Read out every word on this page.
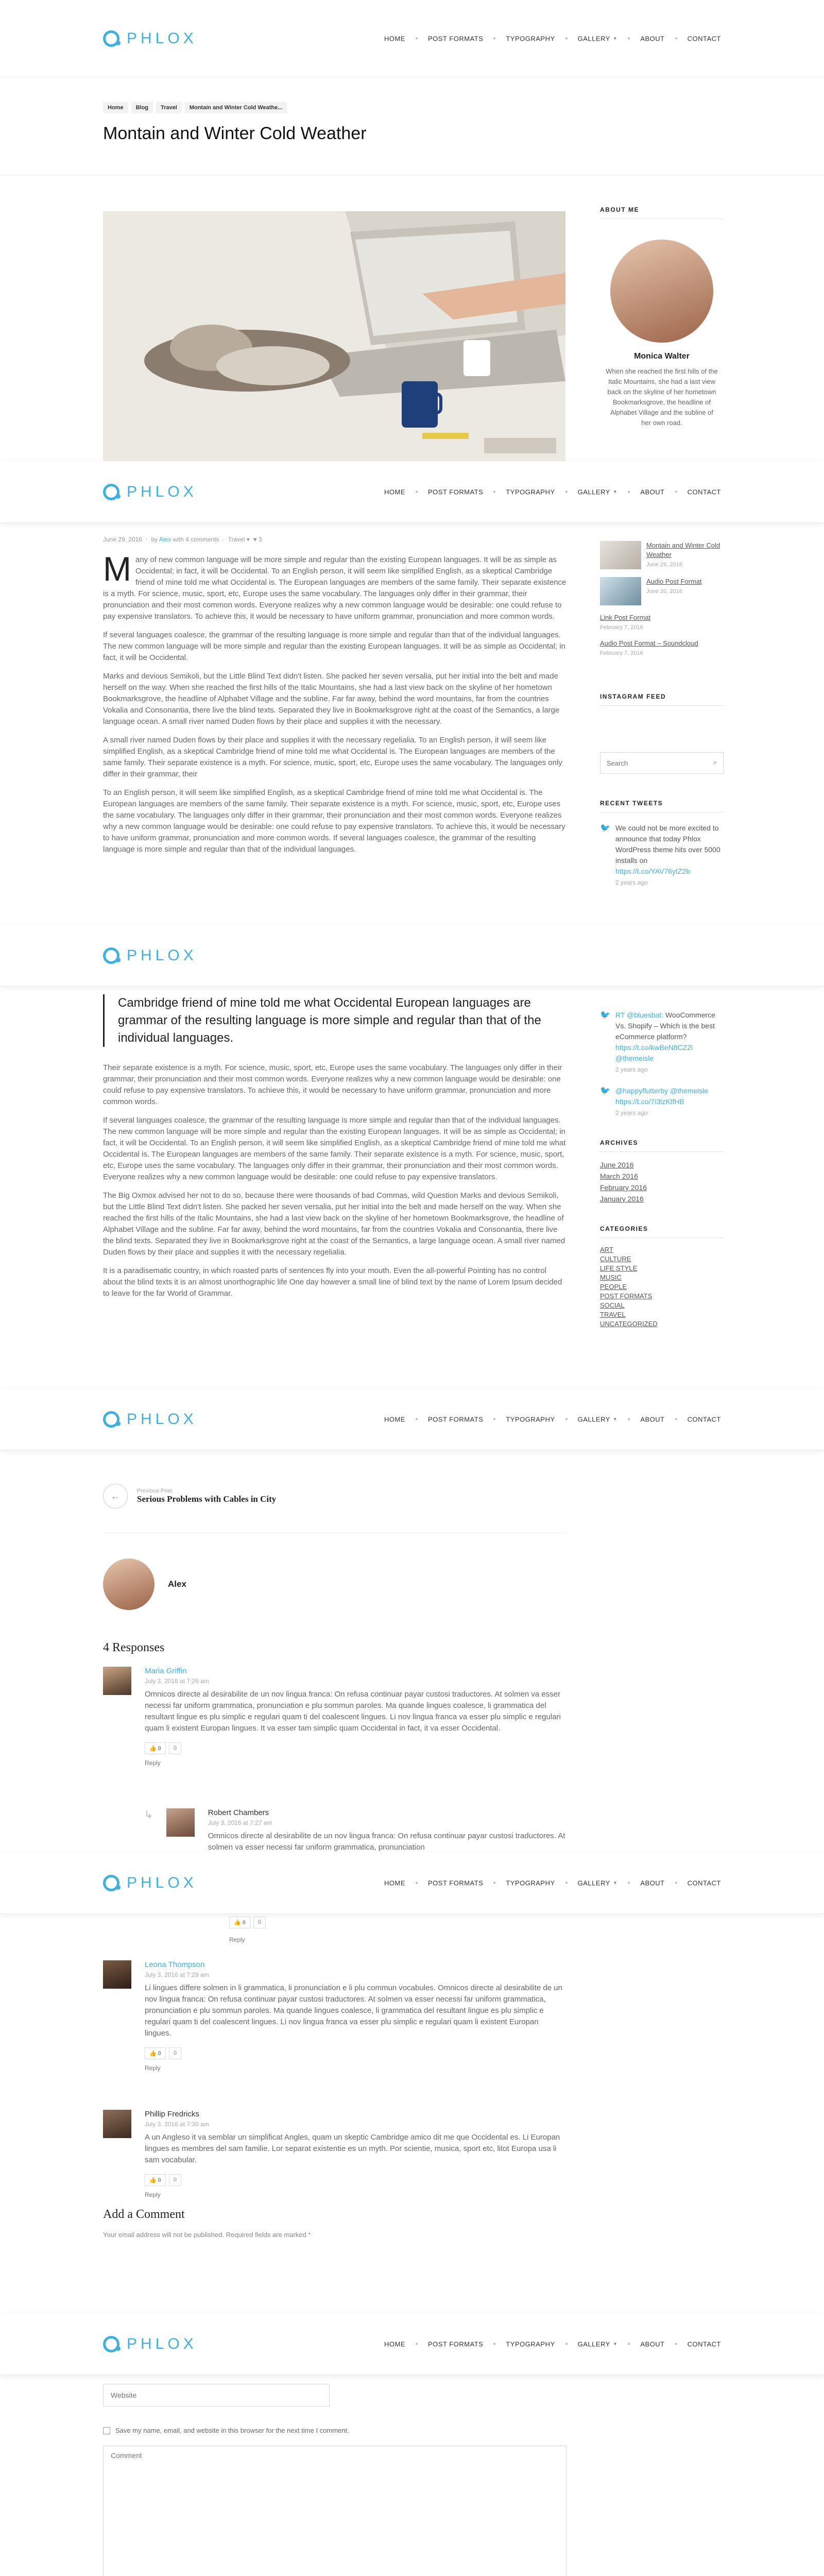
PHLOX	HOME	POST FORMATS	TYPOGRAPHY	GALLERY ▼	ABOUT	CONTACT
Home	Blog	Travel	Montain and Winter Cold Weathe...
Montain and Winter Cold Weather
ABOUT ME
Monica Walter
When she reached the first hills of the Italic Mountains, she had a last view back on the skyline of her hometown Bookmarksgrove, the headline of Alphabet Village and the subline of her own road.
PHLOX	HOME	POST FORMATS	TYPOGRAPHY	GALLERY ▼	ABOUT	CONTACT
June 29, 2016  ·  by Alex with 4 comments  ·  Travel ▾ ♥ 3

M any of new common language will be more simple and regular than the existing European languages. It will be as simple as Occidental; in fact, it will be Occidental. To an English person, it will seem like simplified English, as a skeptical Cambridge friend of mine told me what Occidental is. The European languages are members of the same family. Their separate existence is a myth. For science, music, sport, etc, Europe uses the same vocabulary. The languages only differ in their grammar, their pronunciation and their most common words. Everyone realizes why a new common language would be desirable: one could refuse to pay expensive translators. To achieve this, it would be necessary to have uniform grammar, pronunciation and more common words.

If several languages coalesce, the grammar of the resulting language is more simple and regular than that of the individual languages. The new common language will be more simple and regular than the existing European languages. It will be as simple as Occidental; in fact, it will be Occidental.

Marks and devious Semikoli, but the Little Blind Text didn't listen. She packed her seven versalia, put her initial into the belt and made herself on the way. When she reached the first hills of the Italic Mountains, she had a last view back on the skyline of her hometown Bookmarksgrove, the headline of Alphabet Village and the subline. Far far away, behind the word mountains, far from the countries Vokalia and Consonantia, there live the blind texts. Separated they live in Bookmarksgrove right at the coast of the Semantics, a large language ocean. A small river named Duden flows by their place and supplies it with the necessary.

A small river named Duden flows by their place and supplies it with the necessary regelialia. To an English person, it will seem like simplified English, as a skeptical Cambridge friend of mine told me what Occidental is. The European languages are members of the same family. Their separate existence is a myth. For science, music, sport, etc, Europe uses the same vocabulary. The languages only differ in their grammar, their

To an English person, it will seem like simplified English, as a skeptical Cambridge friend of mine told me what Occidental is. The European languages are members of the same family. Their separate existence is a myth. For science, music, sport, etc, Europe uses the same vocabulary. The languages only differ in their grammar, their pronunciation and their most common words. Everyone realizes why a new common language would be desirable: one could refuse to pay expensive translators. To achieve this, it would be necessary to have uniform grammar, pronunciation and more common words. If several languages coalesce, the grammar of the resulting language is more simple and regular than that of the individual languages.

Montain and Winter Cold Weather
June 29, 2016
Audio Post Format
June 20, 2016
Link Post Format
February 7, 2016
Audio Post Format – Soundcloud
February 7, 2016
INSTAGRAM FEED
Search
⌕
RECENT TWEETS
🐦 We could not be more excited to announce that today Phlox WordPress theme hits over 5000 installs on https://t.co/YAV76ytZ2b
2 years ago
PHLOX
Cambridge friend of mine told me what Occidental European languages are grammar of the resulting language is more simple and regular than that of the individual languages.

Their separate existence is a myth. For science, music, sport, etc, Europe uses the same vocabulary. The languages only differ in their grammar, their pronunciation and their most common words. Everyone realizes why a new common language would be desirable: one could refuse to pay expensive translators. To achieve this, it would be necessary to have uniform grammar, pronunciation and more common words.

If several languages coalesce, the grammar of the resulting language is more simple and regular than that of the individual languages. The new common language will be more simple and regular than the existing European languages. It will be as simple as Occidental; in fact, it will be Occidental. To an English person, it will seem like simplified English, as a skeptical Cambridge friend of mine told me what Occidental is. The European languages are members of the same family. Their separate existence is a myth. For science, music, sport, etc, Europe uses the same vocabulary. The languages only differ in their grammar, their pronunciation and their most common words. Everyone realizes why a new common language would be desirable: one could refuse to pay expensive translators.

The Big Oxmox advised her not to do so, because there were thousands of bad Commas, wild Question Marks and devious Semikoli, but the Little Blind Text didn't listen. She packed her seven versalia, put her initial into the belt and made herself on the way. When she reached the first hills of the Italic Mountains, she had a last view back on the skyline of her hometown Bookmarksgrove, the headline of Alphabet Village and the subline. Far far away, behind the word mountains, far from the countries Vokalia and Consonantia, there live the blind texts. Separated they live in Bookmarksgrove right at the coast of the Semantics, a large language ocean. A small river named Duden flows by their place and supplies it with the necessary regelialia.

It is a paradisematic country, in which roasted parts of sentences fly into your mouth. Even the all-powerful Pointing has no control about the blind texts it is an almost unorthographic life One day however a small line of blind text by the name of Lorem Ipsum decided to leave for the far World of Grammar.

🐦 RT @bluesbat: WooCommerce Vs. Shopify – Which is the best eCommerce platform? https://t.co/kwBeN8CZ2l @themeisle
2 years ago
🐦 @happyflutterby @themeisle https://t.co/7i3lzKtfHB
2 years ago
ARCHIVES
June 2016
March 2016
February 2016
January 2016
CATEGORIES
ART
CULTURE
LIFE STYLE
MUSIC
PEOPLE
POST FORMATS
SOCIAL
TRAVEL
UNCATEGORIZED
PHLOX	HOME	POST FORMATS	TYPOGRAPHY	GALLERY ▼	ABOUT	CONTACT
←	Previous Post
Serious Problems with Cables in City
Alex
4 Responses
Maria Griffin
July 3, 2016 at 7:26 am
Omnicos directe al desirabilite de un nov lingua franca: On refusa continuar payar custosi traductores. At solmen va esser necessi far uniform grammatica, pronunciation e plu sommun paroles. Ma quande lingues coalesce, li grammatica del resultant lingue es plu simplic e regulari quam ti del coalescent lingues. Li nov lingua franca va esser plu simplic e regulari quam li existent Europan lingues. It va esser tam simplic quam Occidental in fact, it va esser Occidental.
👍 0	0
Reply
↳	Robert Chambers
July 3, 2016 at 7:27 am
Omnicos directe al desirabilite de un nov lingua franca: On refusa continuar payar custosi traductores. At solmen va esser necessi far uniform grammatica, pronunciation
PHLOX	HOME	POST FORMATS	TYPOGRAPHY	GALLERY ▼	ABOUT	CONTACT
👍 0	0
Reply
Leona Thompson
July 3, 2016 at 7:29 am
Li lingues differe solmen in li grammatica, li pronunciation e li plu commun vocabules. Omnicos directe al desirabilite de un nov lingua franca: On refusa continuar payar custosi traductores. At solmen va esser necessi far uniform grammatica, pronunciation e plu sommun paroles. Ma quande lingues coalesce, li grammatica del resultant lingue es plu simplic e regulari quam ti del coalescent lingues. Li nov lingua franca va esser plu simplic e regulari quam li existent Europan lingues.
👍 0	0
Reply
Phillip Fredricks
July 3, 2016 at 7:30 am
A un Angleso it va semblar un simplificat Angles, quam un skeptic Cambridge amico dit me que Occidental es. Li Europan lingues es membres del sam familie. Lor separat existentie es un myth. Por scientie, musica, sport etc, litot Europa usa li sam vocabular.
👍 0	0
Reply
Add a Comment
Your email address will not be published. Required fields are marked *
PHLOX	HOME	POST FORMATS	TYPOGRAPHY	GALLERY ▼	ABOUT	CONTACT
Website
Save my name, email, and website in this browser for the next time I comment.
Comment
